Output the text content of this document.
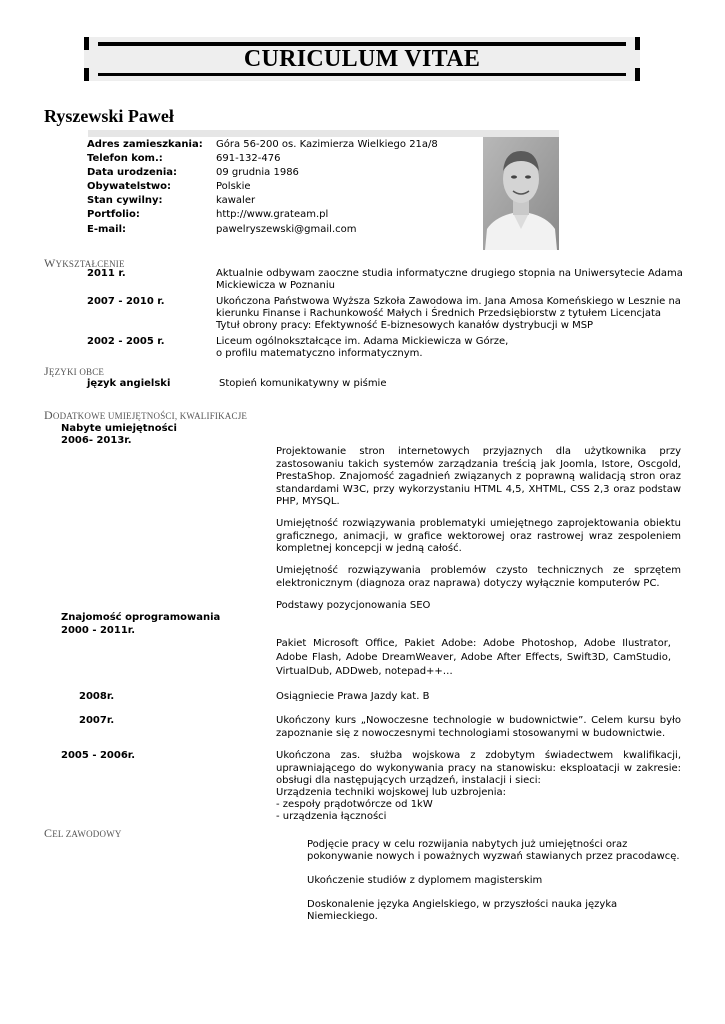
CURICULUM VITAE
Ryszewski Paweł
Adres zamieszkania: Góra 56-200 os. Kazimierza Wielkiego 21a/8
Telefon kom.:	691-132-476
Data urodzenia:	09 grudnia 1986
Obywatelstwo:	Polskie
Stan cywilny:	kawaler
Portfolio:	http://www.grateam.pl
E-mail:	pawelryszewski@gmail.com
WYKSZTAŁCENIE
2011 r.	Aktualnie odbywam zaoczne studia informatyczne drugiego stopnia na Uniwersytecie Adama
Mickiewicza w Poznaniu
2007 - 2010 r.	Ukończona Państwowa Wyższa Szkoła Zawodowa im. Jana Amosa Komeńskiego w Lesznie na
kierunku Finanse i Rachunkowość Małych i Średnich Przedsiębiorstw z tytułem Licencjata
Tytuł obrony pracy: Efektywność E-biznesowych kanałów dystrybucji w MSP
2002 - 2005 r.	Liceum ogólnokształcące im. Adama Mickiewicza w Górze,
o profilu matematyczno informatycznym.
JĘZYKI OBCE
język angielski	Stopień komunikatywny w piśmie
DODATKOWE UMIEJĘTNOŚCI, KWALIFIKACJE
Nabyte umiejętności
2006- 2013r.
Projektowanie stron internetowych przyjaznych dla użytkownika przy zastosowaniu takich systemów zarządzania treścią jak Joomla, Istore, Oscgold, PrestaShop. Znajomość zagadnień związanych z poprawną walidacją stron oraz standardami W3C, przy wykorzystaniu HTML 4,5, XHTML, CSS 2,3 oraz podstaw PHP, MYSQL.
Umiejętność rozwiązywania problematyki umiejętnego zaprojektowania obiektu graficznego, animacji, w grafice wektorowej oraz rastrowej wraz zespoleniem kompletnej koncepcji w jedną całość.
Umiejętność rozwiązywania problemów czysto technicznych ze sprzętem elektronicznym (diagnoza oraz naprawa) dotyczy wyłącznie komputerów PC.
Podstawy pozycjonowania SEO
Znajomość oprogramowania
2000 - 2011r.
Pakiet Microsoft Office, Pakiet Adobe: Adobe Photoshop, Adobe Ilustrator, Adobe Flash, Adobe DreamWeaver, Adobe After Effects, Swift3D, CamStudio, VirtualDub, ADDweb, notepad++…
2008r.	Osiągniecie Prawa Jazdy kat. B
2007r.	Ukończony kurs „Nowoczesne technologie w budownictwie”. Celem kursu było zapoznanie się z nowoczesnymi technologiami stosowanymi w budownictwie.
2005 - 2006r.	Ukończona zas. służba wojskowa z zdobytym świadectwem kwalifikacji, uprawniającego do wykonywania pracy na stanowisku: eksploatacji w zakresie: obsługi dla następujących urządzeń, instalacji i sieci:
Urządzenia techniki wojskowej lub uzbrojenia:
- zespoły prądotwórcze od 1kW
- urządzenia łączności
CEL ZAWODOWY
Podjęcie pracy w celu rozwijania nabytych już umiejętności oraz
pokonywanie nowych i poważnych wyzwań stawianych przez pracodawcę.
Ukończenie studiów z dyplomem magisterskim
Doskonalenie języka Angielskiego, w przyszłości nauka języka
Niemieckiego.
